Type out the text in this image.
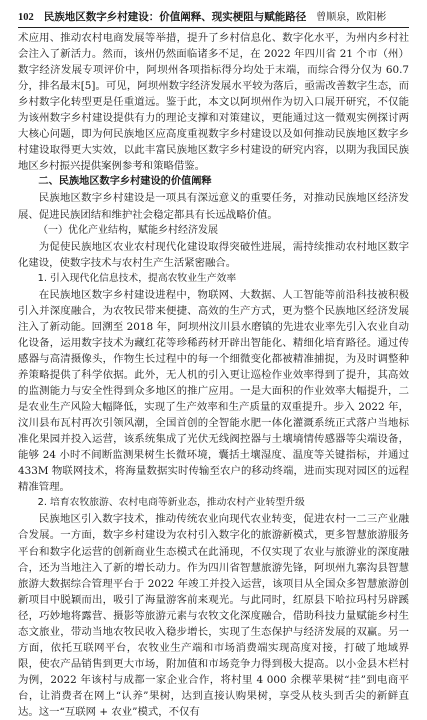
102 民族地区数字乡村建设：价值阐释、现实梗阻与赋能路径 曾顺泉，欧阳彬

术应用、推动农村电商发展等举措，提升了乡村信息化、数字化水平，为州内乡村社会注入了新活力。然而，该州仍然面临诸多不足，在 2022 年四川省 21 个市（州）数字经济发展专项评价中，阿坝州各项指标得分均处于末端，而综合得分仅为 60.7 分，排名最末[5]。可见，阿坝州数字经济发展水平较为落后，亟需改善数字生态，而乡村数字化转型更是任重道远。鉴于此，本文以阿坝州作为切入口展开研究，不仅能为该州数字乡村建设提供有力的理论支撑和对策建议，更能通过这一微观实例探讨两大核心问题，即为何民族地区应高度重视数字乡村建设以及如何推动民族地区数字乡村建设取得更大实效，以此丰富民族地区数字乡村建设的研究内容，以期为我国民族地区乡村振兴提供案例参考和策略借鉴。

二、民族地区数字乡村建设的价值阐释

民族地区数字乡村建设是一项具有深远意义的重要任务，对推动民族地区经济发展、促进民族团结和维护社会稳定都具有长远战略价值。

（一）优化产业结构，赋能乡村经济发展

为促使民族地区农业农村现代化建设取得突破性进展，需持续推动农村地区数字化建设，使数字技术与农村生产生活紧密融合。

1. 引入现代化信息技术，提高农牧业生产效率

在民族地区数字乡村建设进程中，物联网、大数据、人工智能等前沿科技被积极引入并深度融合，为农牧民带来便捷、高效的生产方式，更为整个民族地区经济发展注入了新动能。回溯至 2018 年，阿坝州汶川县水磨镇的先进农业率先引入农业自动化设备，运用数字技术为藏红花等珍稀药材开辟出智能化、精细化培育路径。通过传感器与高清摄像头，作物生长过程中的每一个细微变化都被精准捕捉，为及时调整种养策略提供了科学依据。此外，无人机的引入更让巡检作业效率得到了提升，其高效的监测能力与安全性得到众多地区的推广应用。一是大面积的作业效率大幅提升，二是农业生产风险大幅降低，实现了生产效率和生产质量的双重提升。步入 2022 年，汶川县布瓦村再次引领风潮，全国首创的全智能水肥一体化灌溉系统正式落户当地标准化果园并投入运营，该系统集成了光伏无线阀控器与土壤墒情传感器等尖端设备，能够 24 小时不间断监测果树生长微环境，囊括土壤湿度、温度等关键指标，并通过 433M 物联网技术，将海量数据实时传输至农户的移动终端，进而实现对园区的远程精准管理。

2. 培育农牧旅游、农村电商等新业态，推动农村产业转型升级

民族地区引入数字技术，推动传统农业向现代农业转变，促进农村一二三产业融合发展。一方面，数字乡村建设为农村引入数字化的旅游新模式，更多智慧旅游服务平台和数字化运营的创新商业生态模式在此涌现，不仅实现了农业与旅游业的深度融合，还为当地注入了新的增长动力。作为四川省智慧旅游先锋，阿坝州九寨沟县智慧旅游大数据综合管理平台于 2022 年竣工并投入运营，该项目从全国众多智慧旅游创新项目中脱颖而出，吸引了海量游客前来观光。与此同时，红原县下哈拉玛村另辟蹊径，巧妙地将露营、摄影等旅游元素与农牧文化深度融合，借助科技力量赋能乡村生态文旅业，带动当地农牧民收入稳步增长，实现了生态保护与经济发展的双赢。另一方面，依托互联网平台，农牧业生产端和市场消费端实现高度对接，打破了地域界限，使农产品销售到更大市场，附加值和市场竞争力得到极大提高。以小金县木栏村为例，2022 年该村与成都一家企业合作，将村里 4 000 余棵苹果树“挂”到电商平台，让消费者在网上“认养”果树，达到直接认购果树，享受从枝头到舌尖的新鲜直达。这一“互联网 + 农业”模式，不仅有
